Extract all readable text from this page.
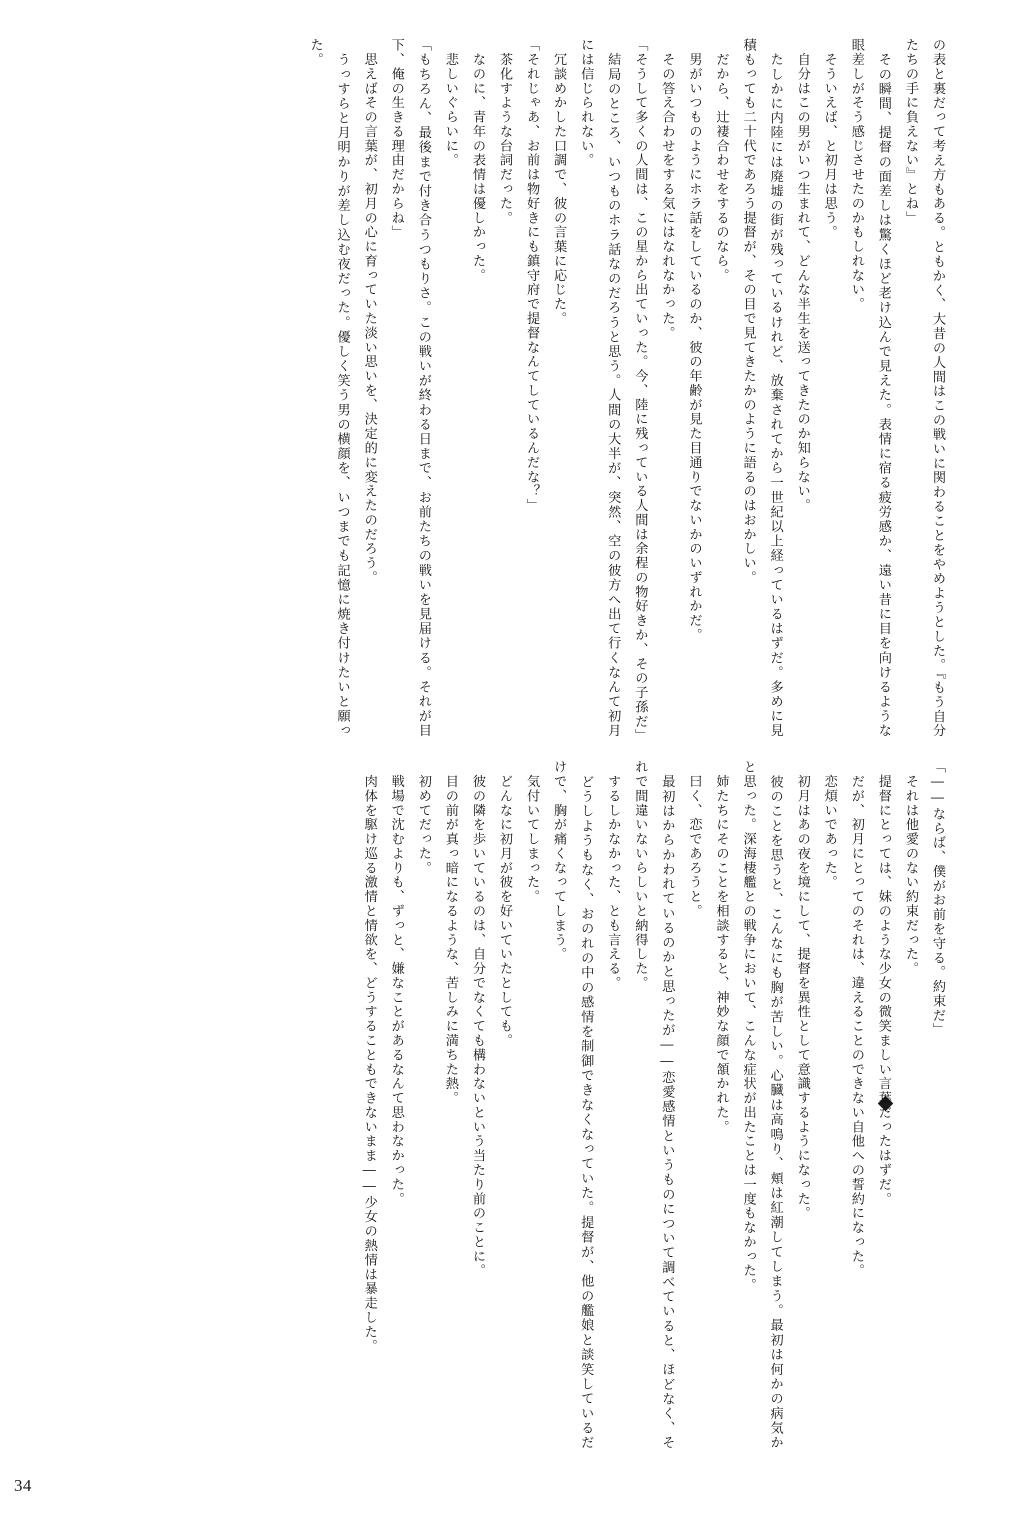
の表と裏だって考え方もある。ともかく、大昔の人間はこの戦いに関わることをやめようとした。『もう自分たちの手に負えない』とね」

　その瞬間、提督の面差しは驚くほど老け込んで見えた。表情に宿る疲労感か、遠い昔に目を向けるような眼差しがそう感じさせたのかもしれない。

　そういえば、と初月は思う。

　自分はこの男がいつ生まれて、どんな半生を送ってきたのか知らない。

　たしかに内陸には廃墟の街が残っているけれど、放棄されてから一世紀以上経っているはずだ。多めに見積もっても二十代であろう提督が、その目で見てきたかのように語るのはおかしい。

　だから、辻褄合わせをするのなら。

　男がいつものようにホラ話をしているのか、彼の年齢が見た目通りでないかのいずれかだ。

　その答え合わせをする気にはなれなかった。

「そうして多くの人間は、この星から出ていった。今、陸に残っている人間は余程の物好きか、その子孫だ」

　結局のところ、いつものホラ話なのだろうと思う。人間の大半が、突然、空の彼方へ出て行くなんて初月には信じられない。

　冗談めかした口調で、彼の言葉に応じた。

「それじゃあ、お前は物好きにも鎮守府で提督なんてしているんだな？」

　茶化すような台詞だった。

　なのに、青年の表情は優しかった。

　悲しいぐらいに。

「もちろん、最後まで付き合うつもりさ。この戦いが終わる日まで、お前たちの戦いを見届ける。それが目下、俺の生きる理由だからね」

　思えばその言葉が、初月の心に育っていた淡い思いを、決定的に変えたのだろう。

　うっすらと月明かりが差し込む夜だった。優しく笑う男の横顔を、いつまでも記憶に焼き付けたいと願った。

「――ならば、僕がお前を守る。約束だ」

　それは他愛のない約束だった。

　提督にとっては、妹のような少女の微笑ましい言葉だったはずだ。

　だが、初月にとってのそれは、違えることのできない自他への誓約になった。

　恋煩いであった。

　初月はあの夜を境にして、提督を異性として意識するようになった。

　彼のことを思うと、こんなにも胸が苦しい。心臓は高鳴り、頬は紅潮してしまう。最初は何かの病気かと思った。深海棲艦との戦争において、こんな症状が出たことは一度もなかった。

　姉たちにそのことを相談すると、神妙な顔で頷かれた。

　曰く、恋であろうと。

　最初はからかわれているのかと思ったが――恋愛感情というものについて調べていると、ほどなく、それで間違いないらしいと納得した。

　するしかなかった、とも言える。

　どうしようもなく、おのれの中の感情を制御できなくなっていた。提督が、他の艦娘と談笑しているだけで、胸が痛くなってしまう。

　気付いてしまった。

　どんなに初月が彼を好いていたとしても。

　彼の隣を歩いているのは、自分でなくても構わないという当たり前のことに。

　目の前が真っ暗になるような、苦しみに満ちた熱。

　初めてだった。

　戦場で沈むよりも、ずっと、嫌なことがあるなんて思わなかった。

　肉体を駆け巡る激情と情欲を、どうすることもできないまま――少女の熱情は暴走した。

34
